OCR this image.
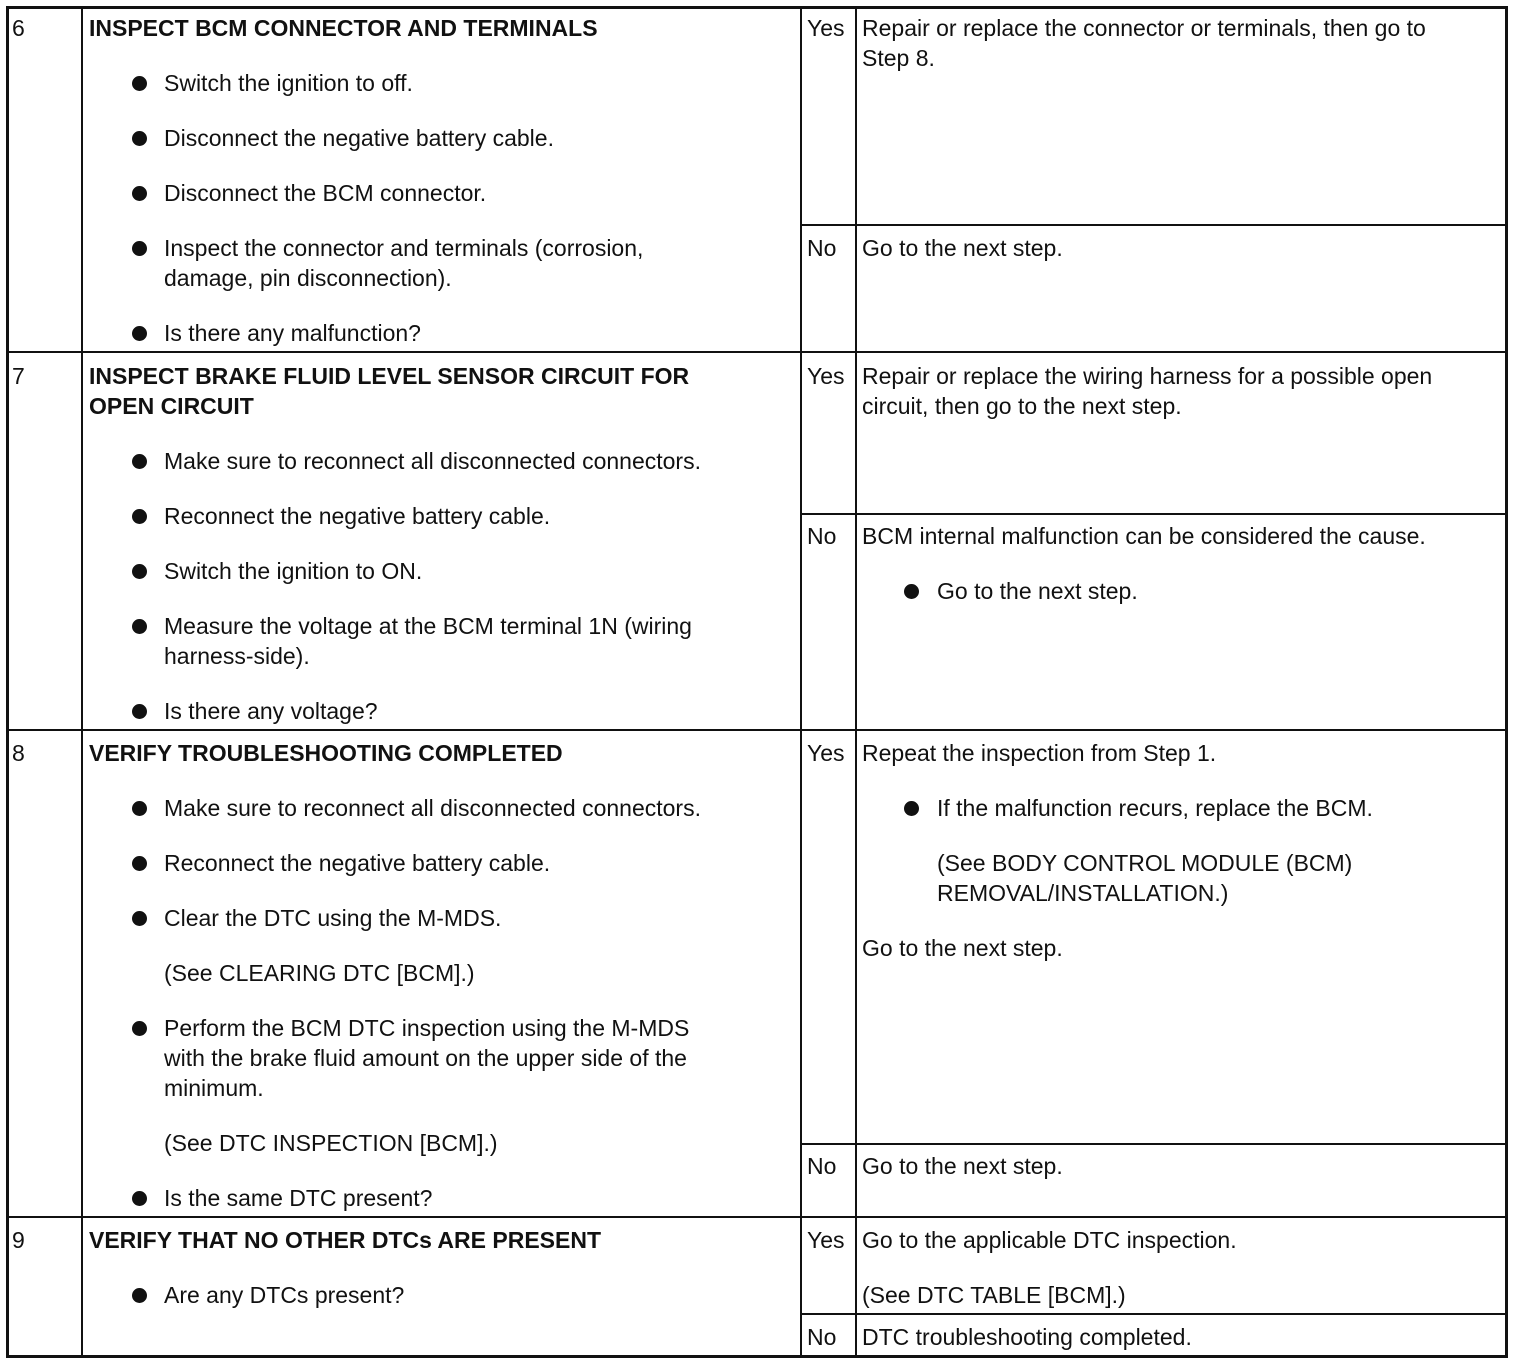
6	INSPECT BCM CONNECTOR AND TERMINALS
Switch the ignition to off.
Disconnect the negative battery cable.
Disconnect the BCM connector.
Inspect the connector and terminals (corrosion,
damage, pin disconnection).
Is there any malfunction?
Yes Repair or replace the connector or terminals, then go to
Step 8.
No Go to the next step.
7	INSPECT BRAKE FLUID LEVEL SENSOR CIRCUIT FOR
OPEN CIRCUIT
Make sure to reconnect all disconnected connectors.
Reconnect the negative battery cable.
Switch the ignition to ON.
Measure the voltage at the BCM terminal 1N (wiring
harness-side).
Is there any voltage?
Yes Repair or replace the wiring harness for a possible open
circuit, then go to the next step.
No BCM internal malfunction can be considered the cause.
Go to the next step.
8	VERIFY TROUBLESHOOTING COMPLETED
Make sure to reconnect all disconnected connectors.
Reconnect the negative battery cable.
Clear the DTC using the M-MDS.
(See CLEARING DTC [BCM].)
Perform the BCM DTC inspection using the M-MDS
with the brake fluid amount on the upper side of the
minimum.
(See DTC INSPECTION [BCM].)
Is the same DTC present?
Yes Repeat the inspection from Step 1.
If the malfunction recurs, replace the BCM.
(See BODY CONTROL MODULE (BCM)
REMOVAL/INSTALLATION.)
Go to the next step.
No Go to the next step.
9	VERIFY THAT NO OTHER DTCs ARE PRESENT
Are any DTCs present?
Yes Go to the applicable DTC inspection.
(See DTC TABLE [BCM].)
No DTC troubleshooting completed.
